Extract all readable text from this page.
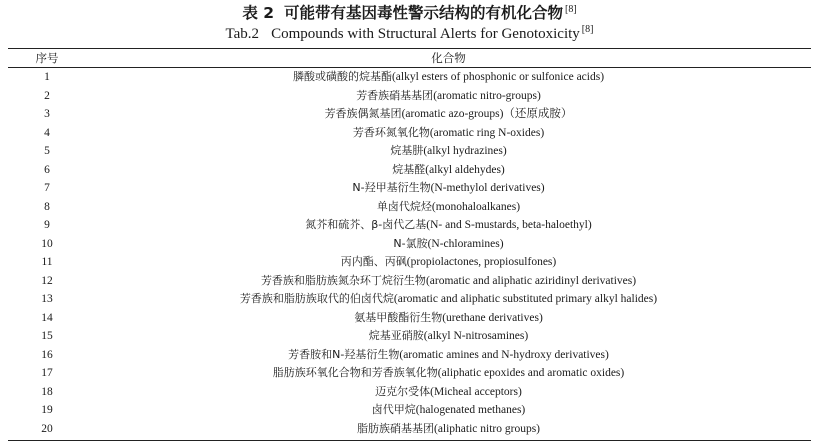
表 2 可能带有基因毒性警示结构的有机化合物 [8]
Tab.2 Compounds with Structural Alerts for Genotoxicity [8]
序号	化合物
1	膦酸或磺酸的烷基酯(alkyl esters of phosphonic or sulfonice acids)
2	芳香族硝基基团(aromatic nitro-groups)
3	芳香族偶氮基团(aromatic azo-groups)（还原成胺）
4	芳香环氮氧化物(aromatic ring N-oxides)
5	烷基肼(alkyl hydrazines)
6	烷基醛(alkyl aldehydes)
7	N-羟甲基衍生物(N-methylol derivatives)
8	单卤代烷烃(monohaloalkanes)
9	氮芥和硫芥、β-卤代乙基(N- and S-mustards, beta-haloethyl)
10	N-氯胺(N-chloramines)
11	丙内酯、丙砜(propiolactones, propiosulfones)
12	芳香族和脂肪族氮杂环丁烷衍生物(aromatic and aliphatic aziridinyl derivatives)
13	芳香族和脂肪族取代的伯卤代烷(aromatic and aliphatic substituted primary alkyl halides)
14	氨基甲酸酯衍生物(urethane derivatives)
15	烷基亚硝胺(alkyl N-nitrosamines)
16	芳香胺和N-羟基衍生物(aromatic amines and N-hydroxy derivatives)
17	脂肪族环氧化合物和芳香族氧化物(aliphatic epoxides and aromatic oxides)
18	迈克尔受体(Micheal acceptors)
19	卤代甲烷(halogenated methanes)
20	脂肪族硝基基团(aliphatic nitro groups)
